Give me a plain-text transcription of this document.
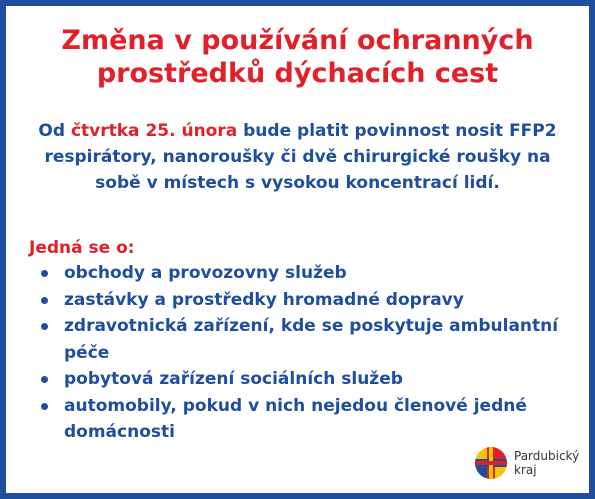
Změna v používání ochranných prostředků dýchacích cest
Od čtvrtka 25. února bude platit povinnost nosit FFP2 respirátory, nanoroušky či dvě chirurgické roušky na sobě v místech s vysokou koncentrací lidí.
Jedná se o:
obchody a provozovny služeb
zastávky a prostředky hromadné dopravy
zdravotnická zařízení, kde se poskytuje ambulantní péče
pobytová zařízení sociálních služeb
automobily, pokud v nich nejedou členové jedné domácnosti
Pardubický
kraj
